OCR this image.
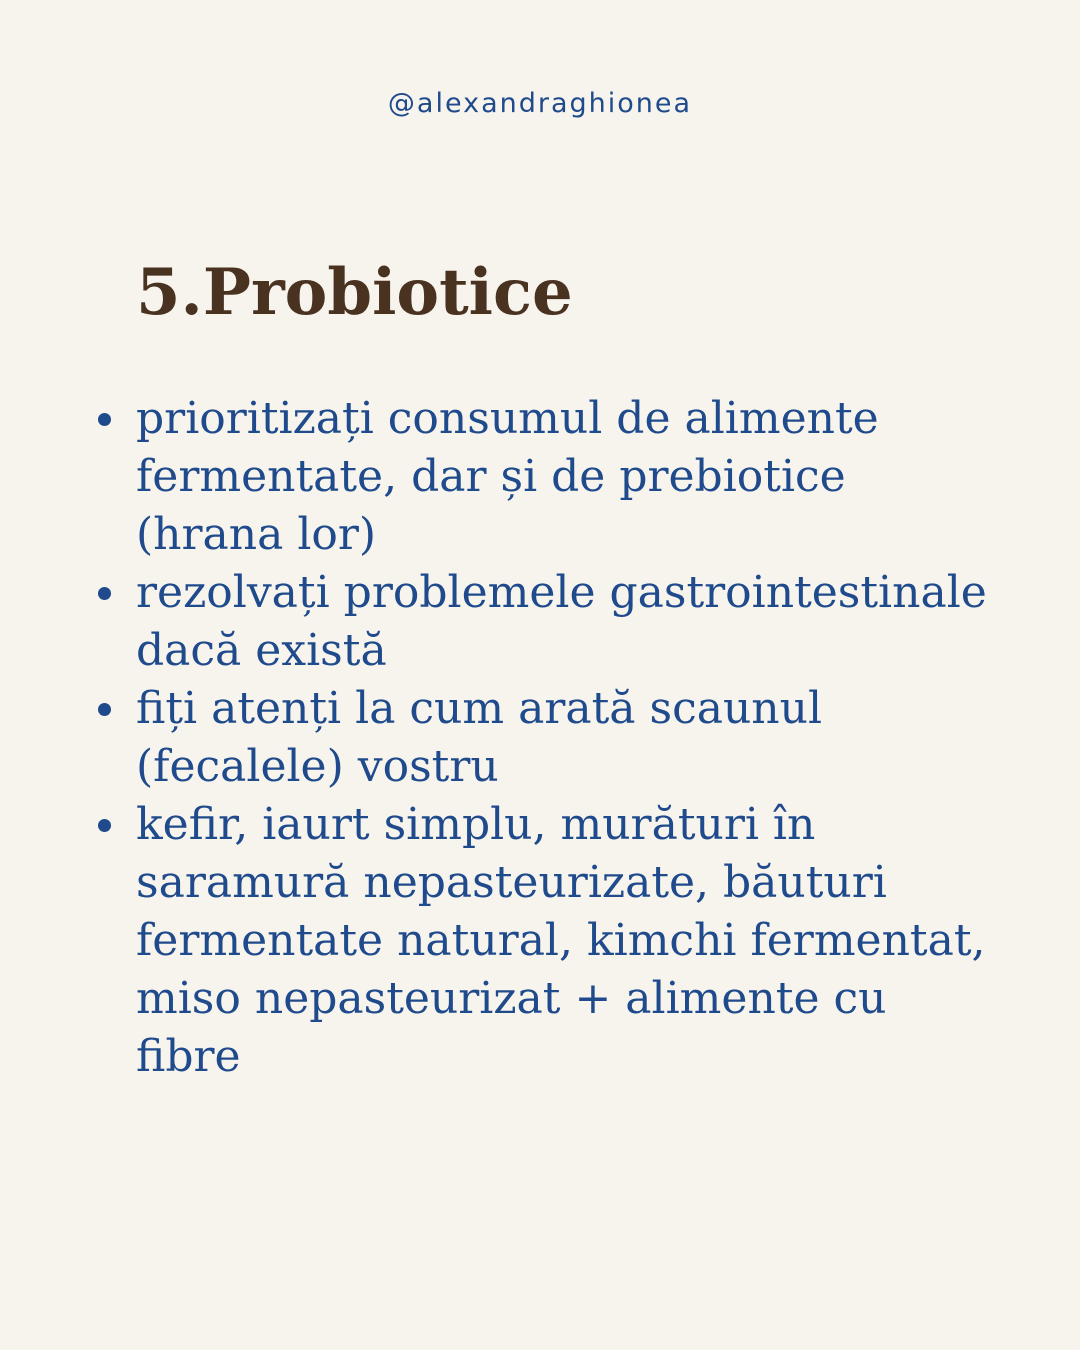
@alexandraghionea
5.Probiotice
prioritizați consumul de alimente fermentate, dar și de prebiotice (hrana lor)
rezolvați problemele gastrointestinale dacă există
fiți atenți la cum arată scaunul (fecalele) vostru
kefir, iaurt simplu, murături în saramură nepasteurizate, băuturi fermentate natural, kimchi fermentat, miso nepasteurizat + alimente cu fibre
